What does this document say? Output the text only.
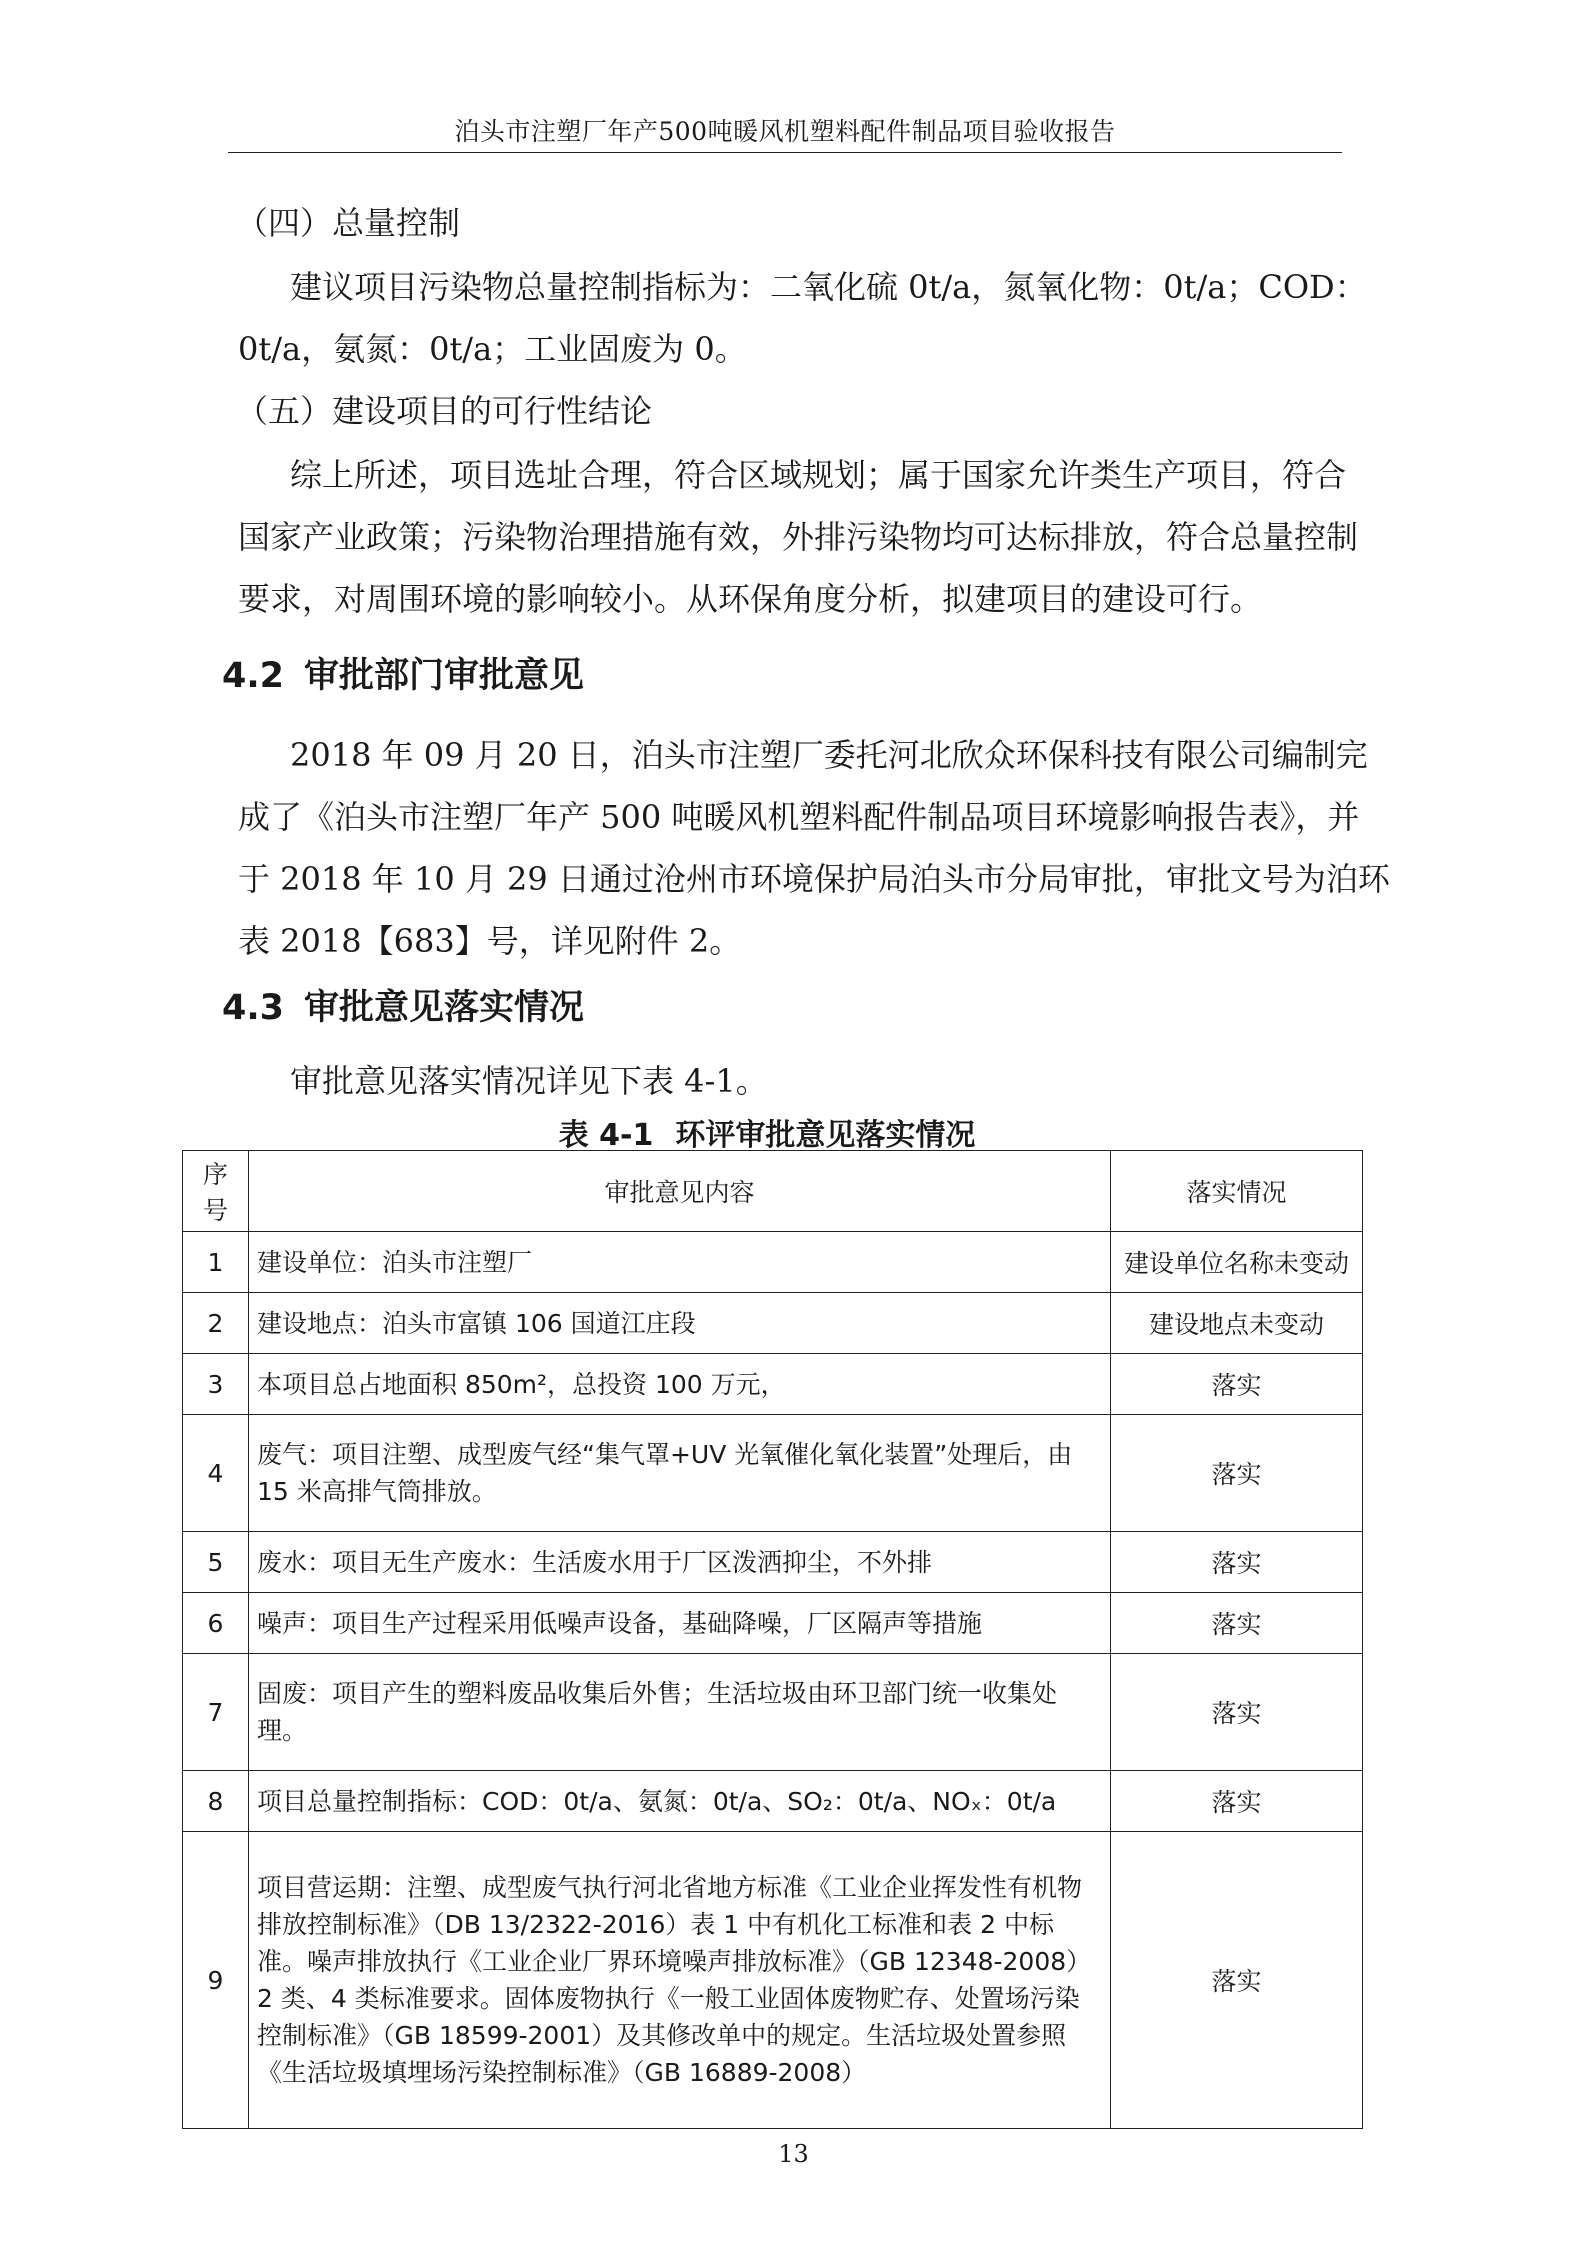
泊头市注塑厂年产500吨暖风机塑料配件制品项目验收报告
（四）总量控制
建议项目污染物总量控制指标为：二氧化硫 0t/a，氮氧化物：0t/a；COD：
0t/a，氨氮：0t/a；工业固废为 0。
（五）建设项目的可行性结论
综上所述，项目选址合理，符合区域规划；属于国家允许类生产项目，符合
国家产业政策；污染物治理措施有效，外排污染物均可达标排放，符合总量控制
要求，对周围环境的影响较小。从环保角度分析，拟建项目的建设可行。
4.2 审批部门审批意见
2018 年 09 月 20 日，泊头市注塑厂委托河北欣众环保科技有限公司编制完
成了《泊头市注塑厂年产 500 吨暖风机塑料配件制品项目环境影响报告表》，并
于 2018 年 10 月 29 日通过沧州市环境保护局泊头市分局审批，审批文号为泊环
表 2018【683】号，详见附件 2。
4.3 审批意见落实情况
审批意见落实情况详见下表 4-1。
表 4-1 环评审批意见落实情况
序号	审批意见内容	落实情况
1	建设单位：泊头市注塑厂	建设单位名称未变动
2	建设地点：泊头市富镇 106 国道江庄段	建设地点未变动
3	本项目总占地面积 850m²，总投资 100 万元，	落实
4	废气：项目注塑、成型废气经“集气罩+UV 光氧催化氧化装置”处理后，由 15 米高排气筒排放。	落实
5	废水：项目无生产废水：生活废水用于厂区泼洒抑尘，不外排	落实
6	噪声：项目生产过程采用低噪声设备，基础降噪，厂区隔声等措施	落实
7	固废：项目产生的塑料废品收集后外售；生活垃圾由环卫部门统一收集处理。	落实
8	项目总量控制指标：COD：0t/a、氨氮：0t/a、SO₂：0t/a、NOₓ：0t/a	落实
9	项目营运期：注塑、成型废气执行河北省地方标准《工业企业挥发性有机物排放控制标准》（DB 13/2322-2016）表 1 中有机化工标准和表 2 中标准。噪声排放执行《工业企业厂界环境噪声排放标准》（GB 12348-2008）2 类、4 类标准要求。固体废物执行《一般工业固体废物贮存、处置场污染控制标准》（GB 18599-2001）及其修改单中的规定。生活垃圾处置参照《生活垃圾填埋场污染控制标准》（GB 16889-2008）	落实
13
